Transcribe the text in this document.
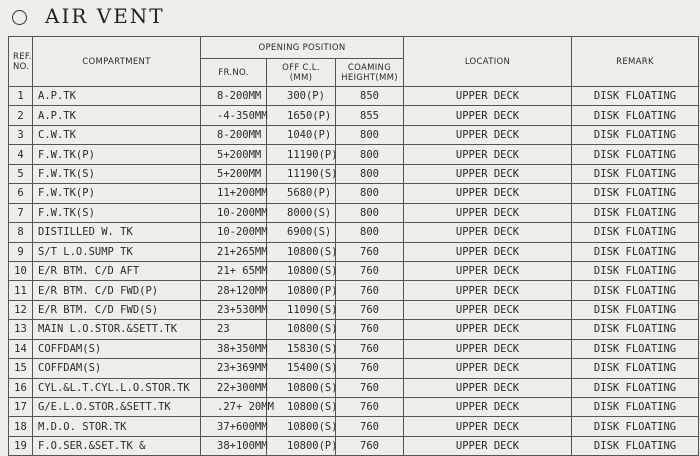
AIR VENT
REF. NO.	COMPARTMENT	OPENING POSITION			LOCATION	REMARK
		FR.NO.	OFF C.L. (MM)	COAMING HEIGHT(MM)		
1	A.P.TK	8-200MM	300(P)	850	UPPER DECK	DISK FLOATING
2	A.P.TK	-4-350MM	1650(P)	855	UPPER DECK	DISK FLOATING
3	C.W.TK	8-200MM	1040(P)	800	UPPER DECK	DISK FLOATING
4	F.W.TK(P)	5+200MM	11190(P)	800	UPPER DECK	DISK FLOATING
5	F.W.TK(S)	5+200MM	11190(S)	800	UPPER DECK	DISK FLOATING
6	F.W.TK(P)	11+200MM	5680(P)	800	UPPER DECK	DISK FLOATING
7	F.W.TK(S)	10-200MM	8000(S)	800	UPPER DECK	DISK FLOATING
8	DISTILLED W. TK	10-200MM	6900(S)	800	UPPER DECK	DISK FLOATING
9	S/T L.O.SUMP TK	21+265MM	10800(S)	760	UPPER DECK	DISK FLOATING
10	E/R BTM. C/D AFT	21+ 65MM	10800(S)	760	UPPER DECK	DISK FLOATING
11	E/R BTM. C/D FWD(P)	28+120MM	10800(P)	760	UPPER DECK	DISK FLOATING
12	E/R BTM. C/D FWD(S)	23+530MM	11090(S)	760	UPPER DECK	DISK FLOATING
13	MAIN L.O.STOR.&SETT.TK	23	10800(S)	760	UPPER DECK	DISK FLOATING
14	COFFDAM(S)	38+350MM	15830(S)	760	UPPER DECK	DISK FLOATING
15	COFFDAM(S)	23+369MM	15400(S)	760	UPPER DECK	DISK FLOATING
16	CYL.&L.T.CYL.L.O.STOR.TK	22+300MM	10800(S)	760	UPPER DECK	DISK FLOATING
17	G/E.L.O.STOR.&SETT.TK	.27+ 20MM	10800(S)	760	UPPER DECK	DISK FLOATING
18	M.D.O. STOR.TK	37+600MM	10800(S)	760	UPPER DECK	DISK FLOATING
19	F.O.SER.&SET.TK &	38+100MM	10800(P)	760	UPPER DECK	DISK FLOATING
